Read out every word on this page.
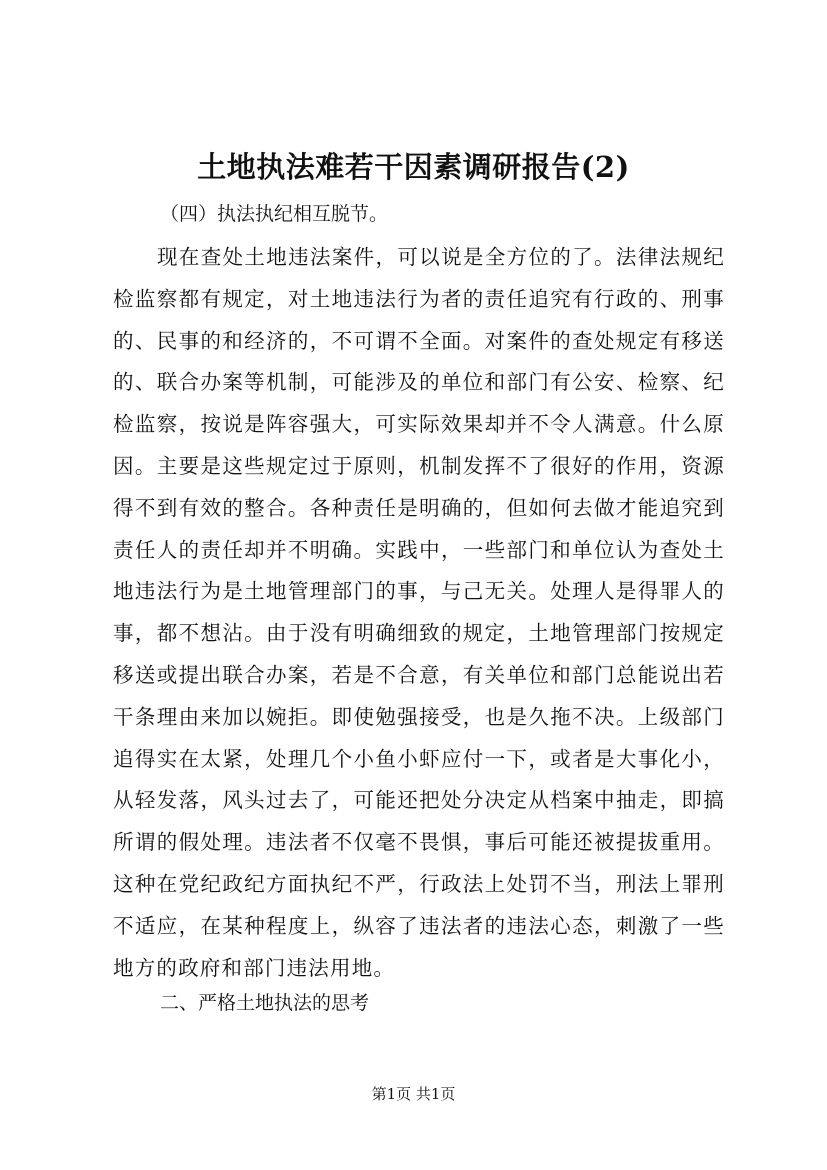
土地执法难若干因素调研报告(2)

（四）执法执纪相互脱节。

现在查处土地违法案件，可以说是全方位的了。法律法规纪
检监察都有规定，对土地违法行为者的责任追究有行政的、刑事
的、民事的和经济的，不可谓不全面。对案件的查处规定有移送
的、联合办案等机制，可能涉及的单位和部门有公安、检察、纪
检监察，按说是阵容强大，可实际效果却并不令人满意。什么原
因。主要是这些规定过于原则，机制发挥不了很好的作用，资源
得不到有效的整合。各种责任是明确的，但如何去做才能追究到
责任人的责任却并不明确。实践中，一些部门和单位认为查处土
地违法行为是土地管理部门的事，与己无关。处理人是得罪人的
事，都不想沾。由于没有明确细致的规定，土地管理部门按规定
移送或提出联合办案，若是不合意，有关单位和部门总能说出若
干条理由来加以婉拒。即使勉强接受，也是久拖不决。上级部门
追得实在太紧，处理几个小鱼小虾应付一下，或者是大事化小，
从轻发落，风头过去了，可能还把处分决定从档案中抽走，即搞
所谓的假处理。违法者不仅毫不畏惧，事后可能还被提拔重用。
这种在党纪政纪方面执纪不严，行政法上处罚不当，刑法上罪刑
不适应，在某种程度上，纵容了违法者的违法心态，刺激了一些
地方的政府和部门违法用地。

二、严格土地执法的思考

第1页 共1页
